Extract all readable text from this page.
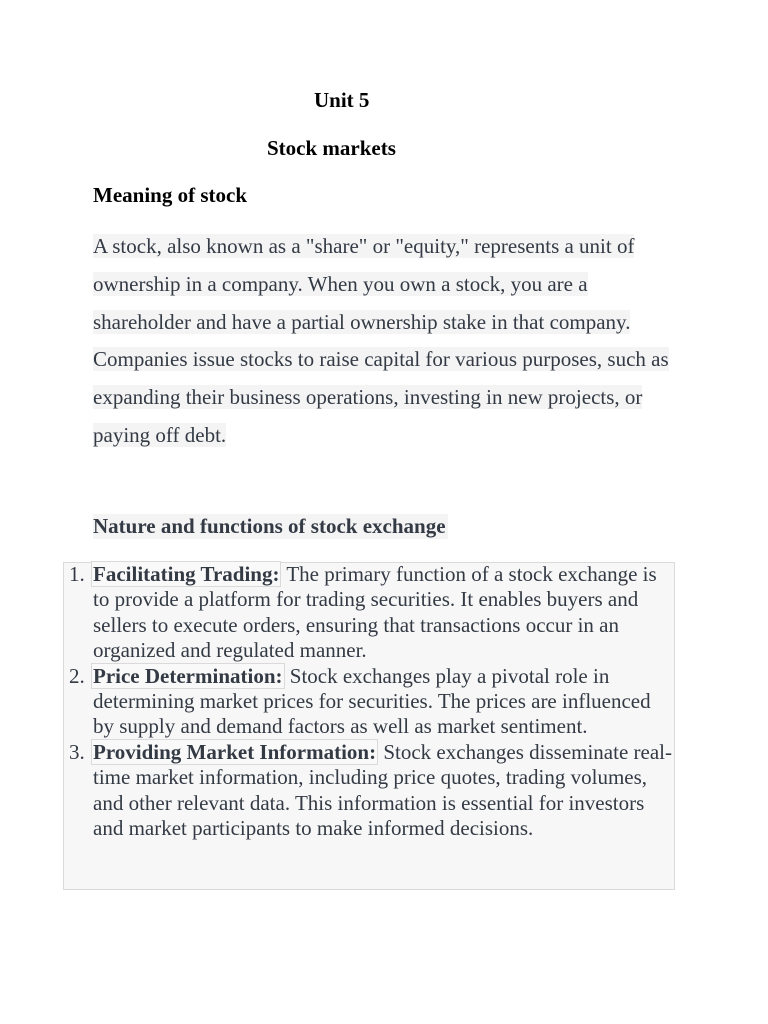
Unit 5
Stock markets
Meaning of stock

A stock, also known as a "share" or "equity," represents a unit of ownership in a company. When you own a stock, you are a shareholder and have a partial ownership stake in that company. Companies issue stocks to raise capital for various purposes, such as expanding their business operations, investing in new projects, or paying off debt.

Nature and functions of stock exchange
1. Facilitating Trading: The primary function of a stock exchange is to provide a platform for trading securities. It enables buyers and sellers to execute orders, ensuring that transactions occur in an organized and regulated manner.
2. Price Determination: Stock exchanges play a pivotal role in determining market prices for securities. The prices are influenced by supply and demand factors as well as market sentiment.
3. Providing Market Information: Stock exchanges disseminate real-time market information, including price quotes, trading volumes, and other relevant data. This information is essential for investors and market participants to make informed decisions.
